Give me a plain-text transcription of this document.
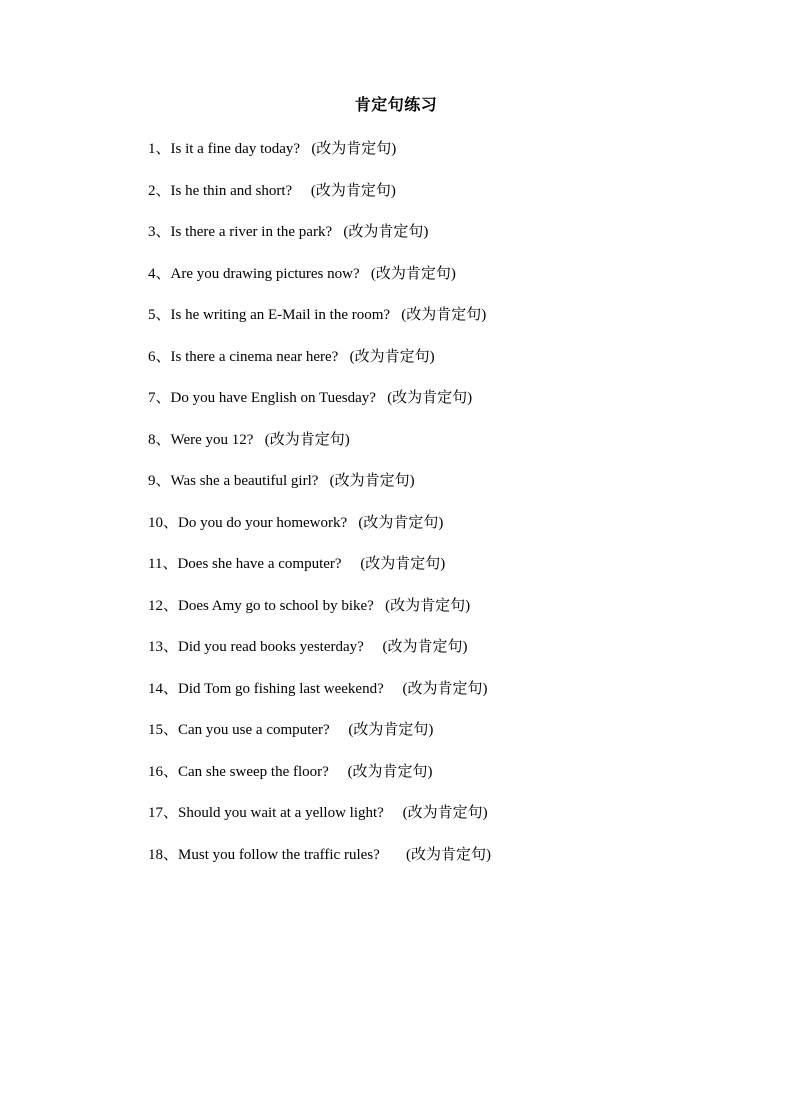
肯定句练习
1、Is it a fine day today? (改为肯定句)
2、Is he thin and short? (改为肯定句)
3、Is there a river in the park? (改为肯定句)
4、Are you drawing pictures now? (改为肯定句)
5、Is he writing an E-Mail in the room? (改为肯定句)
6、Is there a cinema near here? (改为肯定句)
7、Do you have English on Tuesday? (改为肯定句)
8、Were you 12? (改为肯定句)
9、Was she a beautiful girl? (改为肯定句)
10、Do you do your homework? (改为肯定句)
11、Does she have a computer? (改为肯定句)
12、Does Amy go to school by bike? (改为肯定句)
13、Did you read books yesterday? (改为肯定句)
14、Did Tom go fishing last weekend? (改为肯定句)
15、Can you use a computer? (改为肯定句)
16、Can she sweep the floor? (改为肯定句)
17、Should you wait at a yellow light? (改为肯定句)
18、Must you follow the traffic rules? (改为肯定句)
